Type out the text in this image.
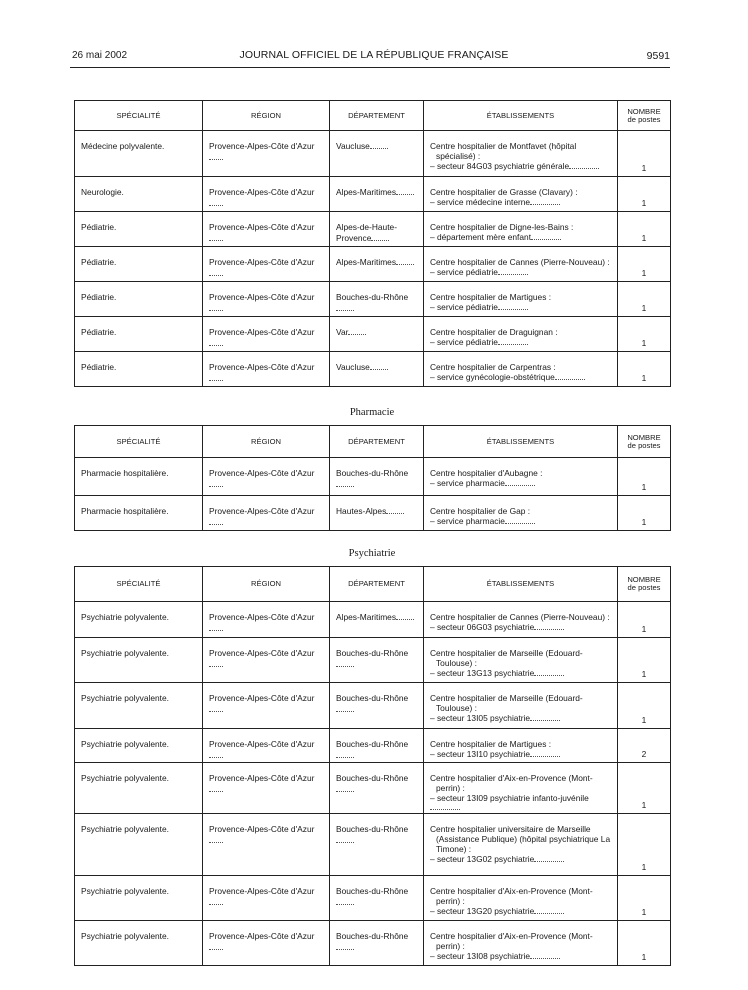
26 mai 2002	JOURNAL OFFICIEL DE LA RÉPUBLIQUE FRANÇAISE	9591
SPÉCIALITÉ	RÉGION	DÉPARTEMENT	ÉTABLISSEMENTS	NOMBRE
de postes

Médecine polyvalente.	Provence-Alpes-Côte d'Azur	Vaucluse	Centre hospitalier de Montfavet (hôpital
spécialisé) :
– secteur 84G03 psychiatrie générale	1

Neurologie.	Provence-Alpes-Côte d'Azur	Alpes-Maritimes	Centre hospitalier de Grasse (Clavary) :
– service médecine interne	1

Pédiatrie.	Provence-Alpes-Côte d'Azur	Alpes-de-Haute-Provence	Centre hospitalier de Digne-les-Bains :
– département mère enfant	1

Pédiatrie.	Provence-Alpes-Côte d'Azur	Alpes-Maritimes	Centre hospitalier de Cannes (Pierre-Nouveau) :
– service pédiatrie	1

Pédiatrie.	Provence-Alpes-Côte d'Azur	Bouches-du-Rhône	Centre hospitalier de Martigues :
– service pédiatrie	1

Pédiatrie.	Provence-Alpes-Côte d'Azur	Var	Centre hospitalier de Draguignan :
– service pédiatrie	1

Pédiatrie.	Provence-Alpes-Côte d'Azur	Vaucluse	Centre hospitalier de Carpentras :
– service gynécologie-obstétrique	1
Pharmacie
SPÉCIALITÉ	RÉGION	DÉPARTEMENT	ÉTABLISSEMENTS	NOMBRE
de postes

Pharmacie hospitalière.	Provence-Alpes-Côte d'Azur	Bouches-du-Rhône	Centre hospitalier d'Aubagne :
– service pharmacie	1

Pharmacie hospitalière.	Provence-Alpes-Côte d'Azur	Hautes-Alpes	Centre hospitalier de Gap :
– service pharmacie	1
Psychiatrie
SPÉCIALITÉ	RÉGION	DÉPARTEMENT	ÉTABLISSEMENTS	NOMBRE
de postes

Psychiatrie polyvalente.	Provence-Alpes-Côte d'Azur	Alpes-Maritimes	Centre hospitalier de Cannes (Pierre-Nouveau) :
– secteur 06G03 psychiatrie	1

Psychiatrie polyvalente.	Provence-Alpes-Côte d'Azur	Bouches-du-Rhône	Centre hospitalier de Marseille (Edouard-
Toulouse) :
– secteur 13G13 psychiatrie	1

Psychiatrie polyvalente.	Provence-Alpes-Côte d'Azur	Bouches-du-Rhône	Centre hospitalier de Marseille (Edouard-
Toulouse) :
– secteur 13I05 psychiatrie	1

Psychiatrie polyvalente.	Provence-Alpes-Côte d'Azur	Bouches-du-Rhône	Centre hospitalier de Martigues :
– secteur 13I10 psychiatrie	2

Psychiatrie polyvalente.	Provence-Alpes-Côte d'Azur	Bouches-du-Rhône	Centre hospitalier d'Aix-en-Provence (Mont-
perrin) :
– secteur 13I09 psychiatrie infanto-juvénile	1

Psychiatrie polyvalente.	Provence-Alpes-Côte d'Azur	Bouches-du-Rhône	Centre hospitalier universitaire de Marseille
(Assistance Publique) (hôpital psychiatrique La
Timone) :
– secteur 13G02 psychiatrie	1

Psychiatrie polyvalente.	Provence-Alpes-Côte d'Azur	Bouches-du-Rhône	Centre hospitalier d'Aix-en-Provence (Mont-
perrin) :
– secteur 13G20 psychiatrie	1

Psychiatrie polyvalente.	Provence-Alpes-Côte d'Azur	Bouches-du-Rhône	Centre hospitalier d'Aix-en-Provence (Mont-
perrin) :
– secteur 13I08 psychiatrie	1
